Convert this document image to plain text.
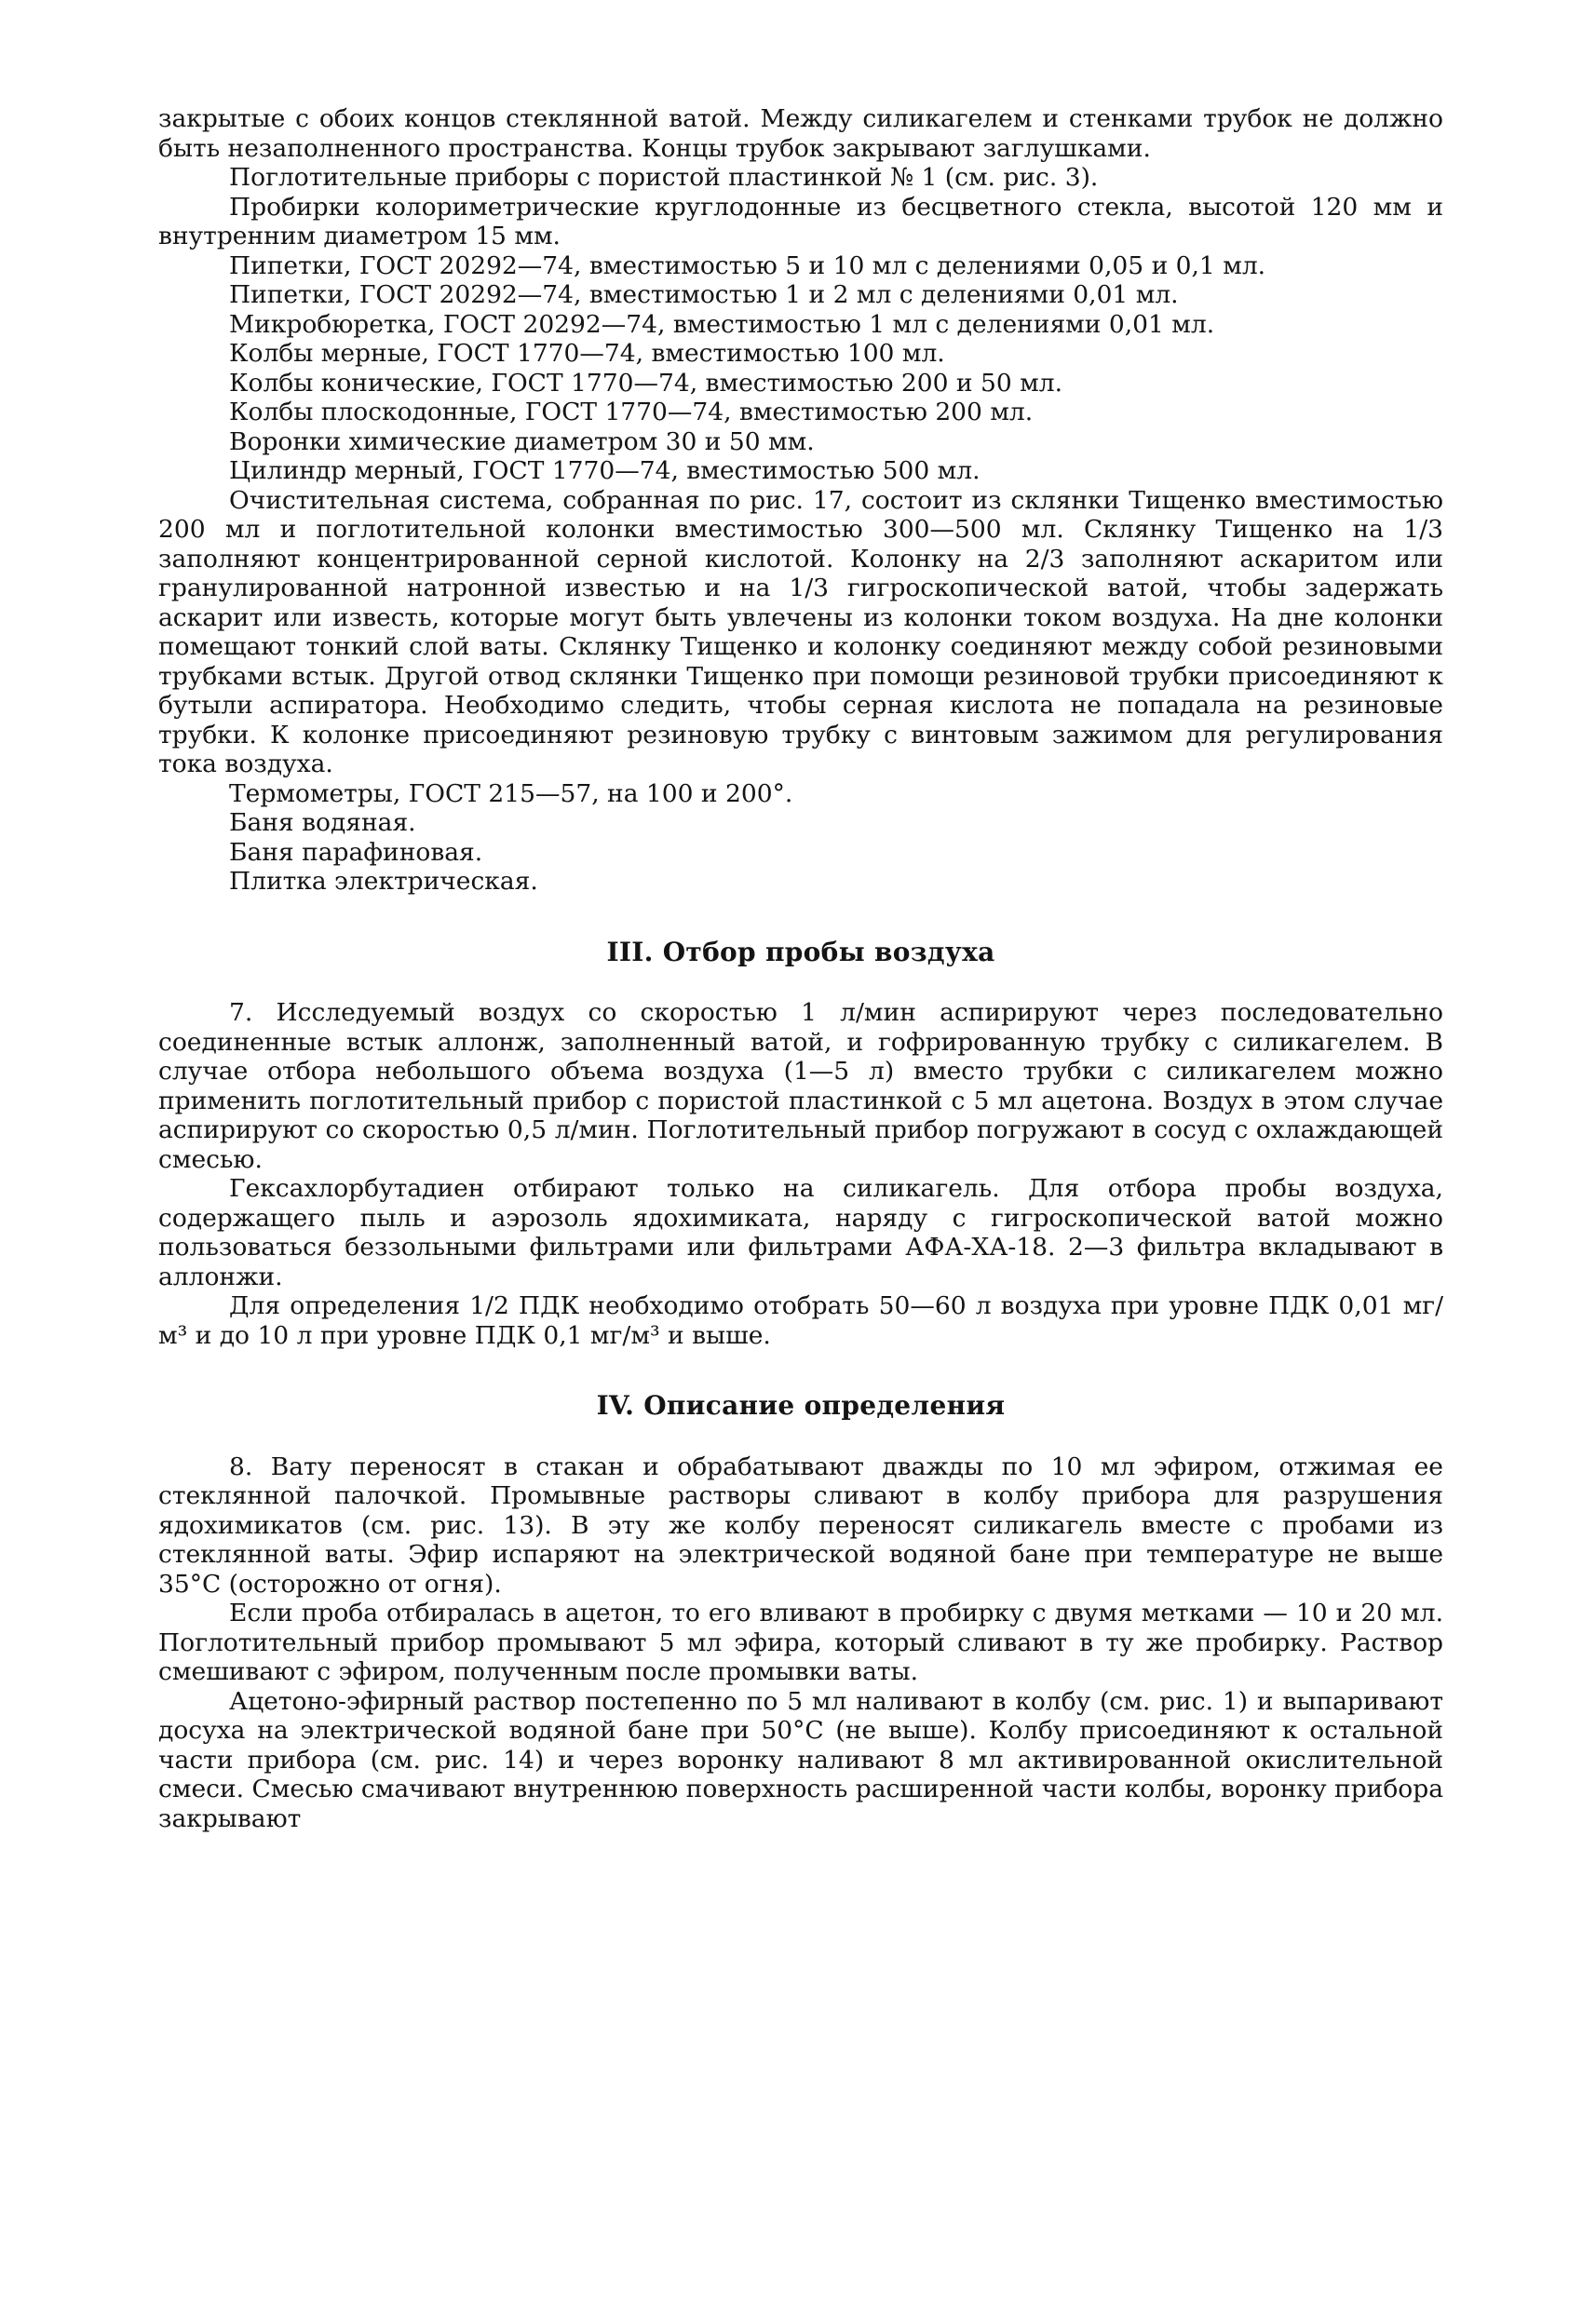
закрытые с обоих концов стеклянной ватой. Между силикагелем и стенками трубок не должно быть незаполненного пространства. Концы трубок закрывают заглушками.

Поглотительные приборы с пористой пластинкой № 1 (см. рис. 3).

Пробирки колориметрические круглодонные из бесцветного стекла, высотой 120 мм и внутренним диаметром 15 мм.

Пипетки, ГОСТ 20292—74, вместимостью 5 и 10 мл с делениями 0,05 и 0,1 мл.

Пипетки, ГОСТ 20292—74, вместимостью 1 и 2 мл с делениями 0,01 мл.

Микробюретка, ГОСТ 20292—74, вместимостью 1 мл с делениями 0,01 мл.

Колбы мерные, ГОСТ 1770—74, вместимостью 100 мл.

Колбы конические, ГОСТ 1770—74, вместимостью 200 и 50 мл.

Колбы плоскодонные, ГОСТ 1770—74, вместимостью 200 мл.

Воронки химические диаметром 30 и 50 мм.

Цилиндр мерный, ГОСТ 1770—74, вместимостью 500 мл.

Очистительная система, собранная по рис. 17, состоит из склянки Тищенко вместимостью 200 мл и поглотительной колонки вместимостью 300—500 мл. Склянку Тищенко на 1/3 заполняют концентрированной серной кислотой. Колонку на 2/3 заполняют аскаритом или гранулированной натронной известью и на 1/3 гигроскопической ватой, чтобы задержать аскарит или известь, которые могут быть увлечены из колонки током воздуха. На дне колонки помещают тонкий слой ваты. Склянку Тищенко и колонку соединяют между собой резиновыми трубками встык. Другой отвод склянки Тищенко при помощи резиновой трубки присоединяют к бутыли аспиратора. Необходимо следить, чтобы серная кислота не попадала на резиновые трубки. К колонке присоединяют резиновую трубку с винтовым зажимом для регулирования тока воздуха.

Термометры, ГОСТ 215—57, на 100 и 200°.

Баня водяная.

Баня парафиновая.

Плитка электрическая.

III. Отбор пробы воздуха

7. Исследуемый воздух со скоростью 1 л/мин аспирируют через последовательно соединенные встык аллонж, заполненный ватой, и гофрированную трубку с силикагелем. В случае отбора небольшого объема воздуха (1—5 л) вместо трубки с силикагелем можно применить поглотительный прибор с пористой пластинкой с 5 мл ацетона. Воздух в этом случае аспирируют со скоростью 0,5 л/мин. Поглотительный прибор погружают в сосуд с охлаждающей смесью.

Гексахлорбутадиен отбирают только на силикагель. Для отбора пробы воздуха, содержащего пыль и аэрозоль ядохимиката, наряду с гигроскопической ватой можно пользоваться беззольными фильтрами или фильтрами АФА-ХА-18. 2—3 фильтра вкладывают в аллонжи.

Для определения 1/2 ПДК необходимо отобрать 50—60 л воздуха при уровне ПДК 0,01 мг/м³ и до 10 л при уровне ПДК 0,1 мг/м³ и выше.

IV. Описание определения

8. Вату переносят в стакан и обрабатывают дважды по 10 мл эфиром, отжимая ее стеклянной палочкой. Промывные растворы сливают в колбу прибора для разрушения ядохимикатов (см. рис. 13). В эту же колбу переносят силикагель вместе с пробами из стеклянной ваты. Эфир испаряют на электрической водяной бане при температуре не выше 35°С (осторожно от огня).

Если проба отбиралась в ацетон, то его вливают в пробирку с двумя метками — 10 и 20 мл. Поглотительный прибор промывают 5 мл эфира, который сливают в ту же пробирку. Раствор смешивают с эфиром, полученным после промывки ваты.

Ацетоно-эфирный раствор постепенно по 5 мл наливают в колбу (см. рис. 1) и выпаривают досуха на электрической водяной бане при 50°С (не выше). Колбу присоединяют к остальной части прибора (см. рис. 14) и через воронку наливают 8 мл активированной окислительной смеси. Смесью смачивают внутреннюю поверхность расширенной части колбы, воронку прибора закрывают
